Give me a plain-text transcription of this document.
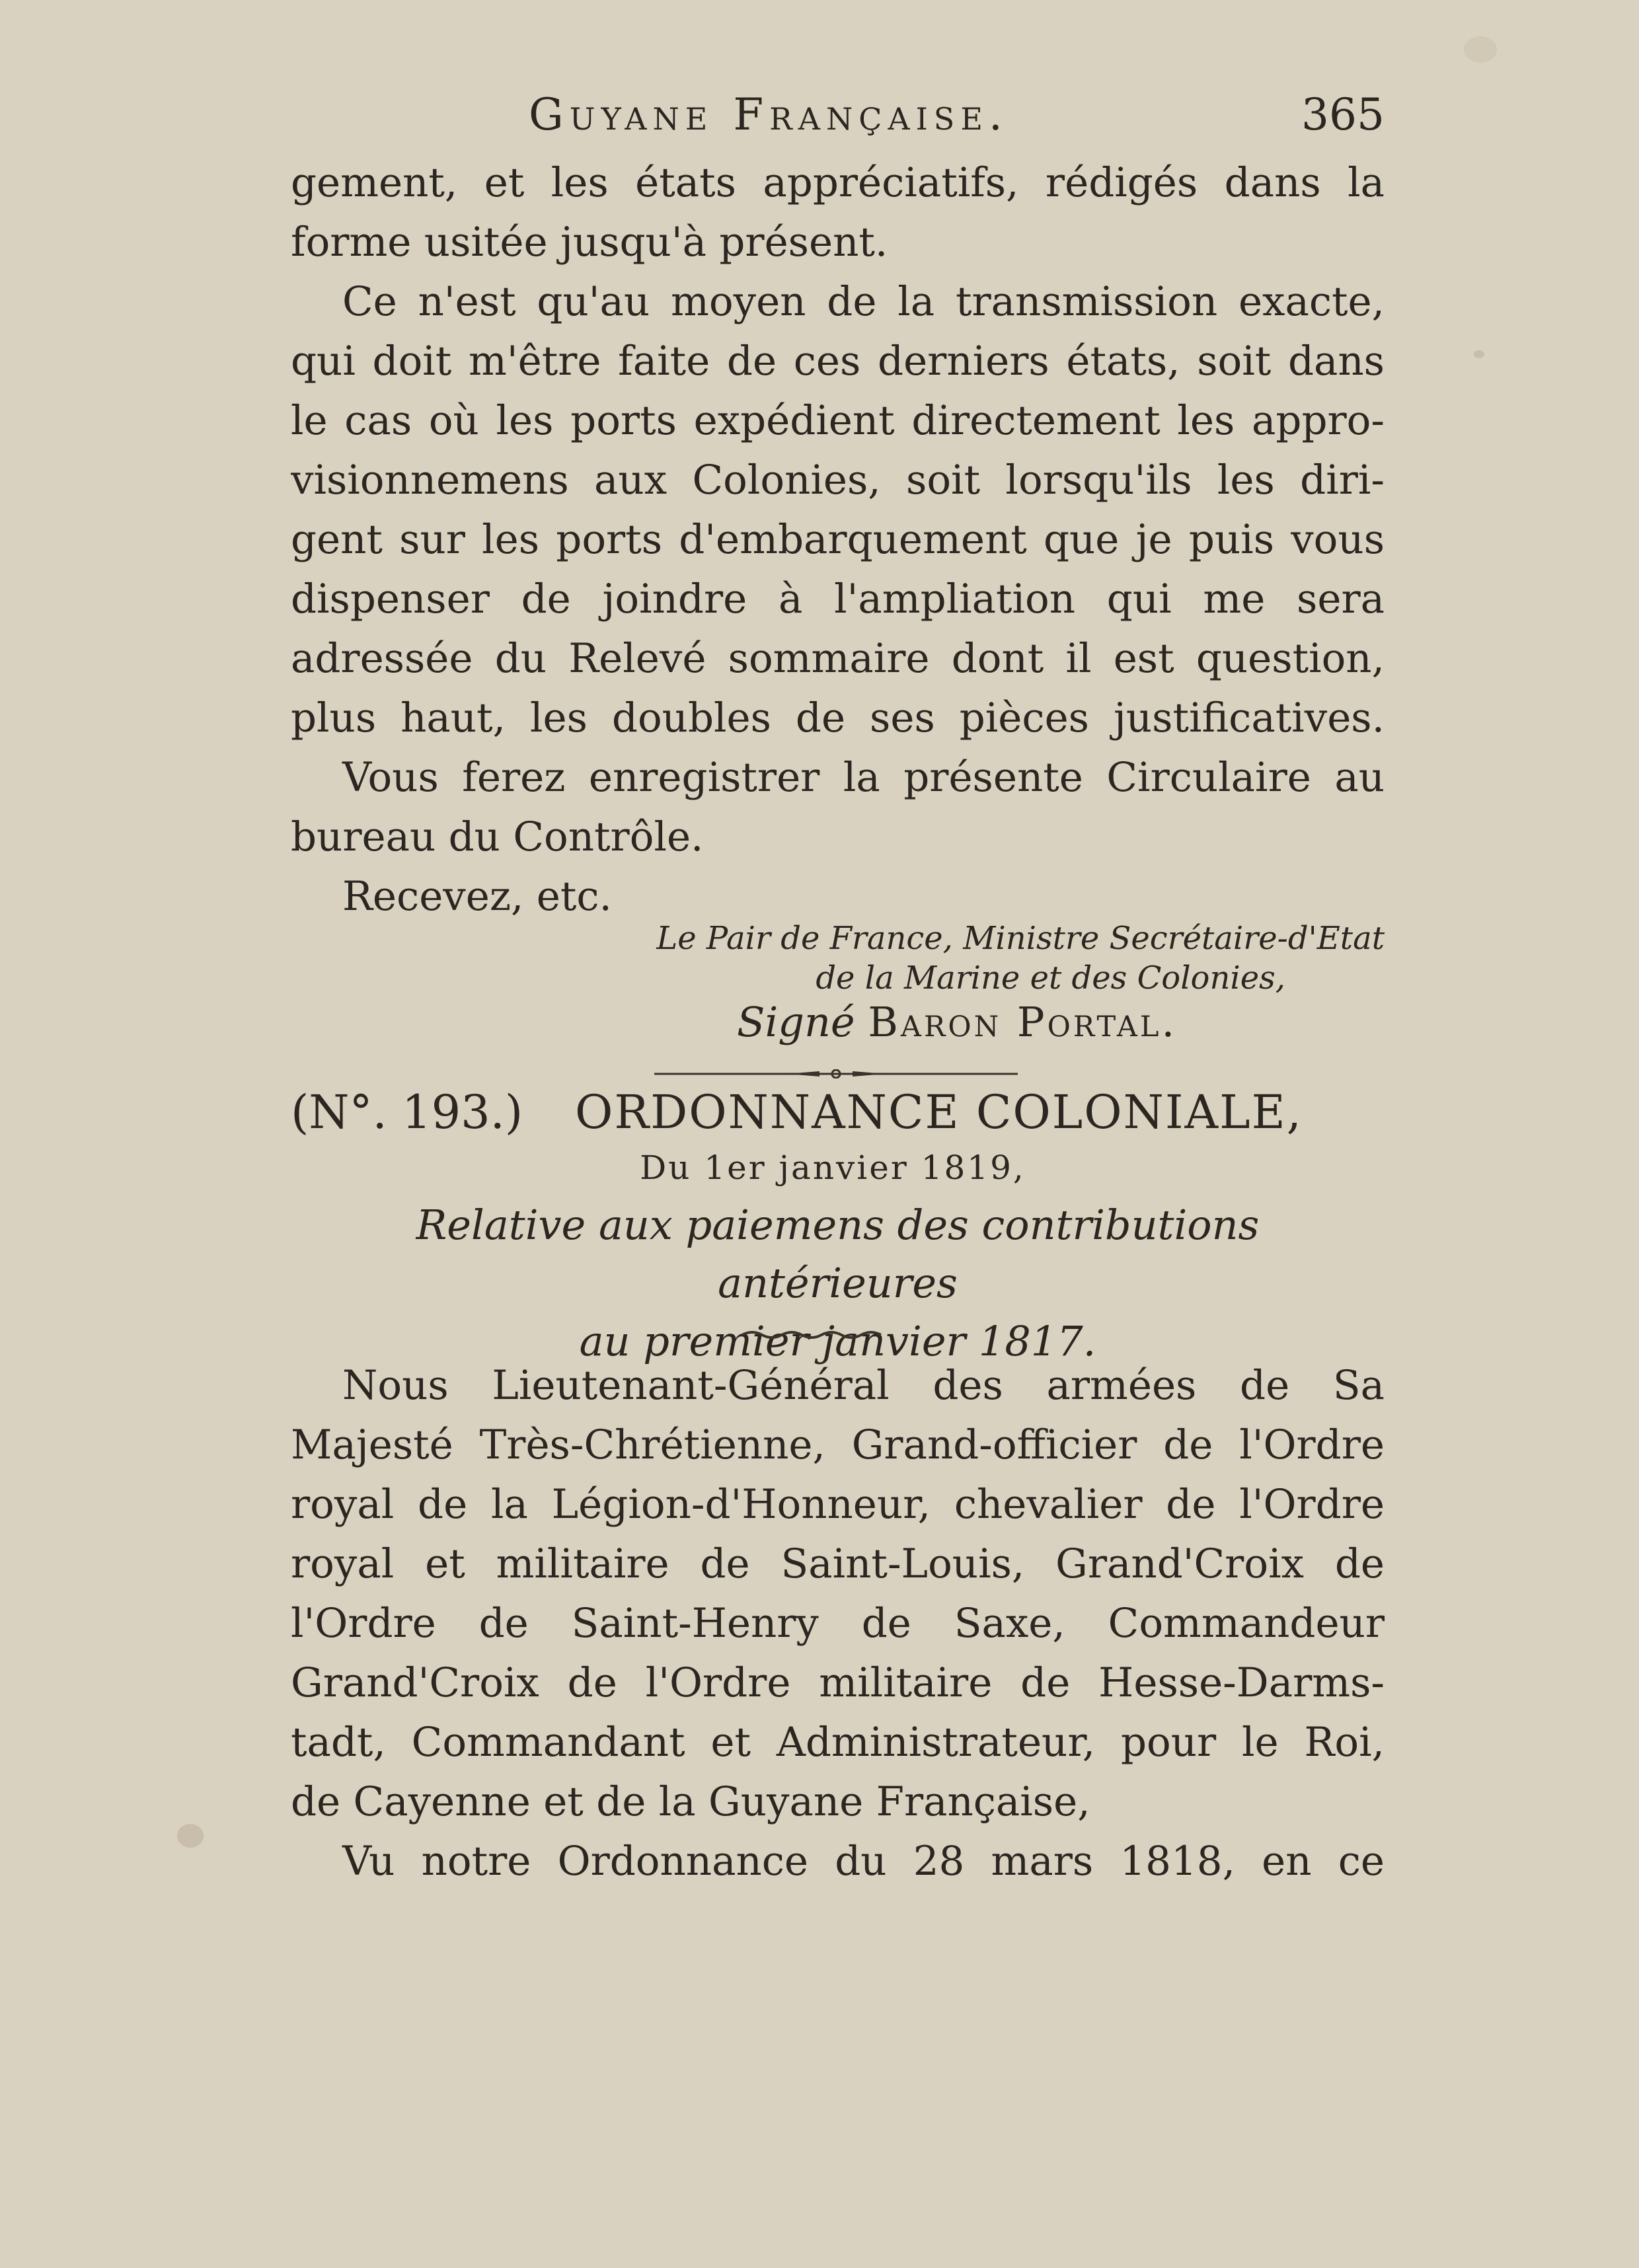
Guyane Française.	365
gement, et les états appréciatifs, rédigés dans la
forme usitée jusqu'à présent.
Ce n'est qu'au moyen de la transmission exacte,
qui doit m'être faite de ces derniers états, soit dans
le cas où les ports expédient directement les appro-
visionnemens aux Colonies, soit lorsqu'ils les diri-
gent sur les ports d'embarquement que je puis vous
dispenser de joindre à l'ampliation qui me sera
adressée du Relevé sommaire dont il est question,
plus haut, les doubles de ses pièces justificatives.
Vous ferez enregistrer la présente Circulaire au
bureau du Contrôle.
Recevez, etc.
Le Pair de France, Ministre Secrétaire-d'Etat
de la Marine et des Colonies,
Signé Baron Portal.
(N°. 193.) ORDONNANCE COLONIALE,
Du 1er janvier 1819,
Relative aux paiemens des contributions antérieures
au premier janvier 1817.
Nous Lieutenant-Général des armées de Sa
Majesté Très-Chrétienne, Grand-officier de l'Ordre
royal de la Légion-d'Honneur, chevalier de l'Ordre
royal et militaire de Saint-Louis, Grand'Croix de
l'Ordre de Saint-Henry de Saxe, Commandeur
Grand'Croix de l'Ordre militaire de Hesse-Darms-
tadt, Commandant et Administrateur, pour le Roi,
de Cayenne et de la Guyane Française,
Vu notre Ordonnance du 28 mars 1818, en ce
